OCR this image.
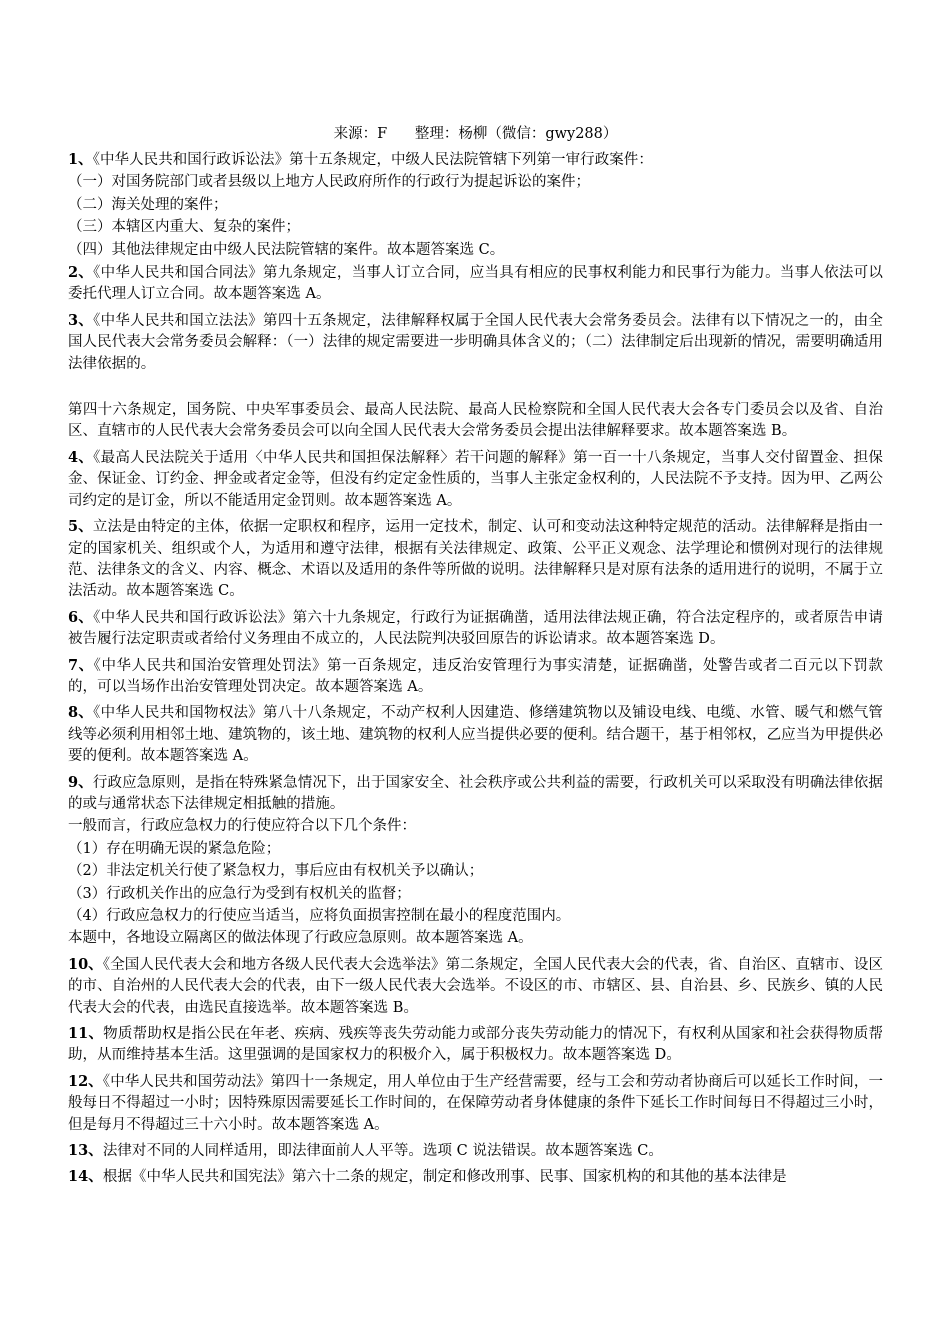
来源：F      整理：杨柳（微信：gwy288）
1、《中华人民共和国行政诉讼法》第十五条规定，中级人民法院管辖下列第一审行政案件：
（一）对国务院部门或者县级以上地方人民政府所作的行政行为提起诉讼的案件；
（二）海关处理的案件；
（三）本辖区内重大、复杂的案件；
（四）其他法律规定由中级人民法院管辖的案件。故本题答案选 C。
2、《中华人民共和国合同法》第九条规定，当事人订立合同，应当具有相应的民事权利能力和民事行为能力。当事人依法可以委托代理人订立合同。故本题答案选 A。
3、《中华人民共和国立法法》第四十五条规定，法律解释权属于全国人民代表大会常务委员会。法律有以下情况之一的，由全国人民代表大会常务委员会解释：（一）法律的规定需要进一步明确具体含义的；（二）法律制定后出现新的情况，需要明确适用法律依据的。
第四十六条规定，国务院、中央军事委员会、最高人民法院、最高人民检察院和全国人民代表大会各专门委员会以及省、自治区、直辖市的人民代表大会常务委员会可以向全国人民代表大会常务委员会提出法律解释要求。故本题答案选 B。
4、《最高人民法院关于适用〈中华人民共和国担保法解释〉若干问题的解释》第一百一十八条规定，当事人交付留置金、担保金、保证金、订约金、押金或者定金等，但没有约定定金性质的，当事人主张定金权利的，人民法院不予支持。因为甲、乙两公司约定的是订金，所以不能适用定金罚则。故本题答案选 A。
5、立法是由特定的主体，依据一定职权和程序，运用一定技术，制定、认可和变动法这种特定规范的活动。法律解释是指由一定的国家机关、组织或个人，为适用和遵守法律，根据有关法律规定、政策、公平正义观念、法学理论和惯例对现行的法律规范、法律条文的含义、内容、概念、术语以及适用的条件等所做的说明。法律解释只是对原有法条的适用进行的说明，不属于立法活动。故本题答案选 C。
6、《中华人民共和国行政诉讼法》第六十九条规定，行政行为证据确凿，适用法律法规正确，符合法定程序的，或者原告申请被告履行法定职责或者给付义务理由不成立的，人民法院判决驳回原告的诉讼请求。故本题答案选 D。
7、《中华人民共和国治安管理处罚法》第一百条规定，违反治安管理行为事实清楚，证据确凿，处警告或者二百元以下罚款的，可以当场作出治安管理处罚决定。故本题答案选 A。
8、《中华人民共和国物权法》第八十八条规定，不动产权利人因建造、修缮建筑物以及铺设电线、电缆、水管、暖气和燃气管线等必须利用相邻土地、建筑物的，该土地、建筑物的权利人应当提供必要的便利。结合题干，基于相邻权，乙应当为甲提供必要的便利。故本题答案选 A。
9、行政应急原则，是指在特殊紧急情况下，出于国家安全、社会秩序或公共利益的需要，行政机关可以采取没有明确法律依据的或与通常状态下法律规定相抵触的措施。
一般而言，行政应急权力的行使应符合以下几个条件：
（1）存在明确无误的紧急危险；
（2）非法定机关行使了紧急权力，事后应由有权机关予以确认；
（3）行政机关作出的应急行为受到有权机关的监督；
（4）行政应急权力的行使应当适当，应将负面损害控制在最小的程度范围内。
本题中，各地设立隔离区的做法体现了行政应急原则。故本题答案选 A。
10、《全国人民代表大会和地方各级人民代表大会选举法》第二条规定，全国人民代表大会的代表，省、自治区、直辖市、设区的市、自治州的人民代表大会的代表，由下一级人民代表大会选举。不设区的市、市辖区、县、自治县、乡、民族乡、镇的人民代表大会的代表，由选民直接选举。故本题答案选 B。
11、物质帮助权是指公民在年老、疾病、残疾等丧失劳动能力或部分丧失劳动能力的情况下，有权利从国家和社会获得物质帮助，从而维持基本生活。这里强调的是国家权力的积极介入，属于积极权力。故本题答案选 D。
12、《中华人民共和国劳动法》第四十一条规定，用人单位由于生产经营需要，经与工会和劳动者协商后可以延长工作时间，一般每日不得超过一小时；因特殊原因需要延长工作时间的，在保障劳动者身体健康的条件下延长工作时间每日不得超过三小时，但是每月不得超过三十六小时。故本题答案选 A。
13、法律对不同的人同样适用，即法律面前人人平等。选项 C 说法错误。故本题答案选 C。
14、根据《中华人民共和国宪法》第六十二条的规定，制定和修改刑事、民事、国家机构的和其他的基本法律是
